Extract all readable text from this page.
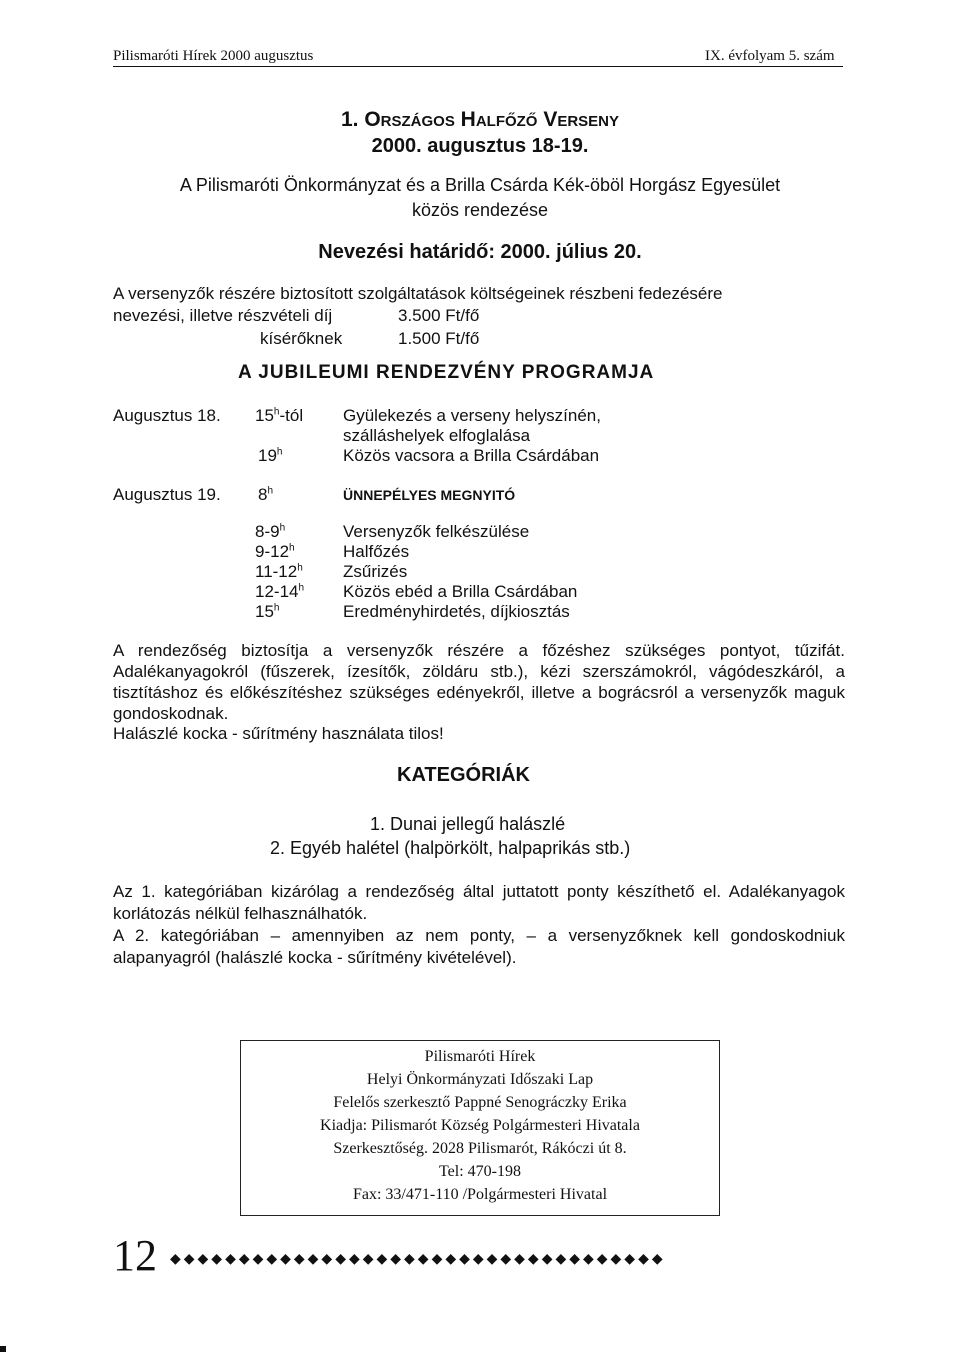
Pilismaróti Hírek 2000 augusztus	IX. évfolyam 5. szám
1. Országos Halfőző Verseny
2000. augusztus 18-19.
A Pilismaróti Önkormányzat és a Brilla Csárda Kék-öböl Horgász Egyesület
közös rendezése
Nevezési határidő: 2000. július 20.
A versenyzők részére biztosított szolgáltatások költségeinek részbeni fedezésére
nevezési, illetve részvételi díj	3.500 Ft/fő
kísérőknek	1.500 Ft/fő
A JUBILEUMI RENDEZVÉNY PROGRAMJA
Augusztus 18. 15$^h$-tól Gyülekezés a verseny helyszínén,
szálláshelyek elfoglalása
19$^h$	Közös vacsora a Brilla Csárdában
Augusztus 19. 8$^h$	ÜNNEPÉLYES MEGNYITÓ
8-9$^h$	Versenyzők felkészülése
9-12$^h$	Halfőzés
11-12$^h$ Zsűrizés
12-14$^h$ Közös ebéd a Brilla Csárdában
15$^h$	Eredményhirdetés, díjkiosztás
A rendezőség biztosítja a versenyzők részére a főzéshez szükséges pontyot, tűzifát. Adalékanyagokról (fűszerek, ízesítők, zöldáru stb.), kézi szerszámokról, vágódeszkáról, a tisztításhoz és előkészítéshez szükséges edényekről, illetve a bográcsról a versenyzők maguk gondoskodnak.
Halászlé kocka - sűrítmény használata tilos!
KATEGÓRIÁK
1. Dunai jellegű halászlé
2. Egyéb halétel (halpörkölt, halpaprikás stb.)
Az 1. kategóriában kizárólag a rendezőség által juttatott ponty készíthető el. Adalékanyagok korlátozás nélkül felhasználhatók.
A 2. kategóriában – amennyiben az nem ponty, – a versenyzőknek kell gondoskodniuk alapanyagról (halászlé kocka - sűrítmény kivételével).
Pilismaróti Hírek
Helyi Önkormányzati Időszaki Lap
Felelős szerkesztő Pappné Senográczky Erika
Kiadja: Pilismarót Község Polgármesteri Hivatala
Szerkesztőség. 2028 Pilismarót, Rákóczi út 8.
Tel: 470-198
Fax: 33/471-110 /Polgármesteri Hivatal
12 ◆◆◆◆◆◆◆◆◆◆◆◆◆◆◆◆◆◆◆◆◆◆◆◆◆◆◆◆◆◆◆◆◆◆◆◆
